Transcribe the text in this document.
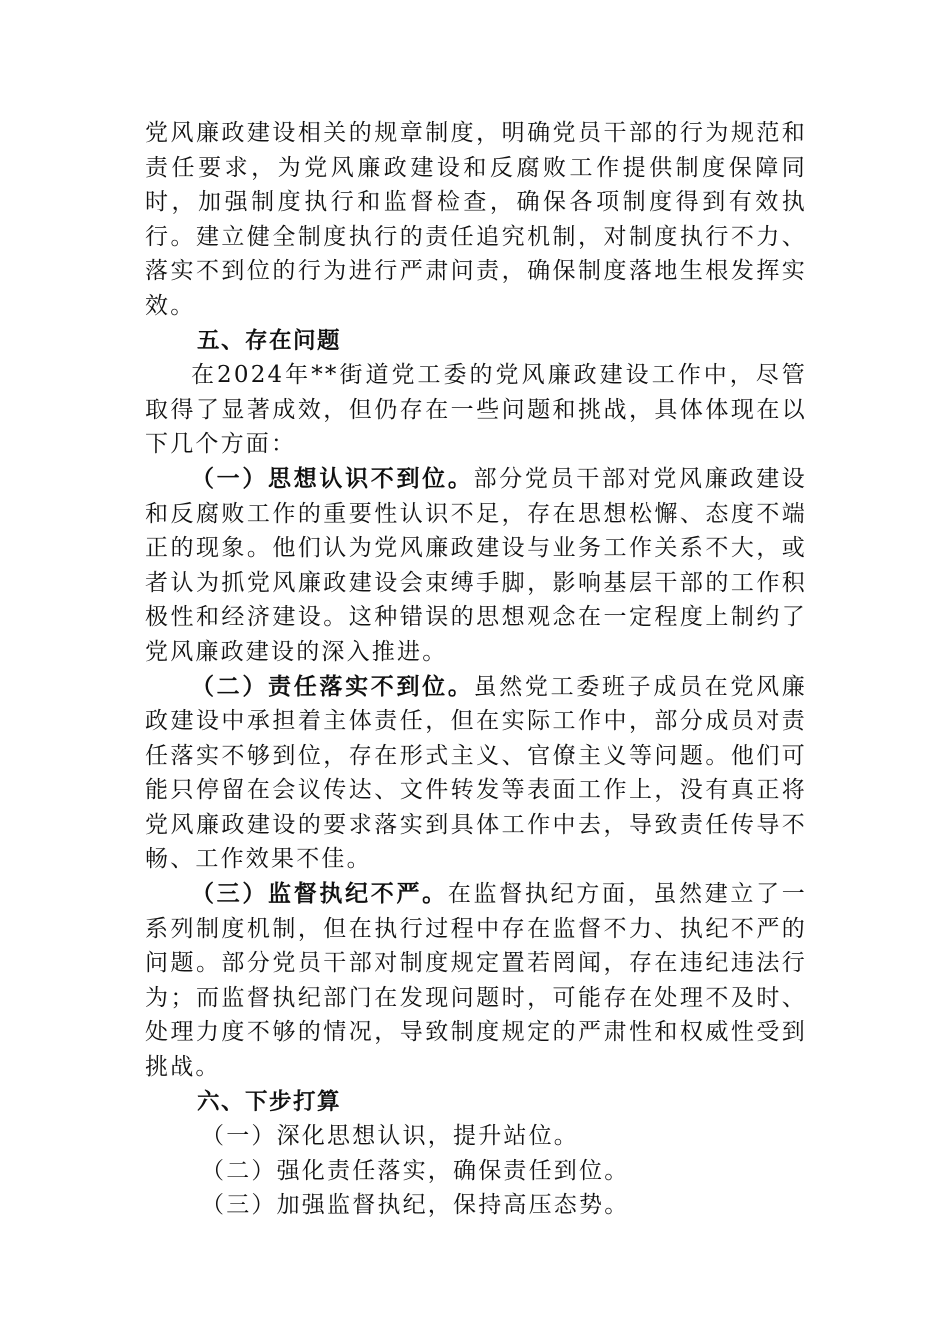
党风廉政建设相关的规章制度，明确党员干部的行为规范和责任要求，为党风廉政建设和反腐败工作提供制度保障同时，加强制度执行和监督检查，确保各项制度得到有效执行。建立健全制度执行的责任追究机制，对制度执行不力、落实不到位的行为进行严肃问责，确保制度落地生根发挥实效。

五、存在问题

在2024年**街道党工委的党风廉政建设工作中，尽管取得了显著成效，但仍存在一些问题和挑战，具体体现在以下几个方面：

（一）思想认识不到位。部分党员干部对党风廉政建设和反腐败工作的重要性认识不足，存在思想松懈、态度不端正的现象。他们认为党风廉政建设与业务工作关系不大，或者认为抓党风廉政建设会束缚手脚，影响基层干部的工作积极性和经济建设。这种错误的思想观念在一定程度上制约了党风廉政建设的深入推进。

（二）责任落实不到位。虽然党工委班子成员在党风廉政建设中承担着主体责任，但在实际工作中，部分成员对责任落实不够到位，存在形式主义、官僚主义等问题。他们可能只停留在会议传达、文件转发等表面工作上，没有真正将党风廉政建设的要求落实到具体工作中去，导致责任传导不畅、工作效果不佳。

（三）监督执纪不严。在监督执纪方面，虽然建立了一系列制度机制，但在执行过程中存在监督不力、执纪不严的问题。部分党员干部对制度规定置若罔闻，存在违纪违法行为；而监督执纪部门在发现问题时，可能存在处理不及时、处理力度不够的情况，导致制度规定的严肃性和权威性受到挑战。

六、下步打算

（一）深化思想认识，提升站位。

（二）强化责任落实，确保责任到位。

（三）加强监督执纪，保持高压态势。
